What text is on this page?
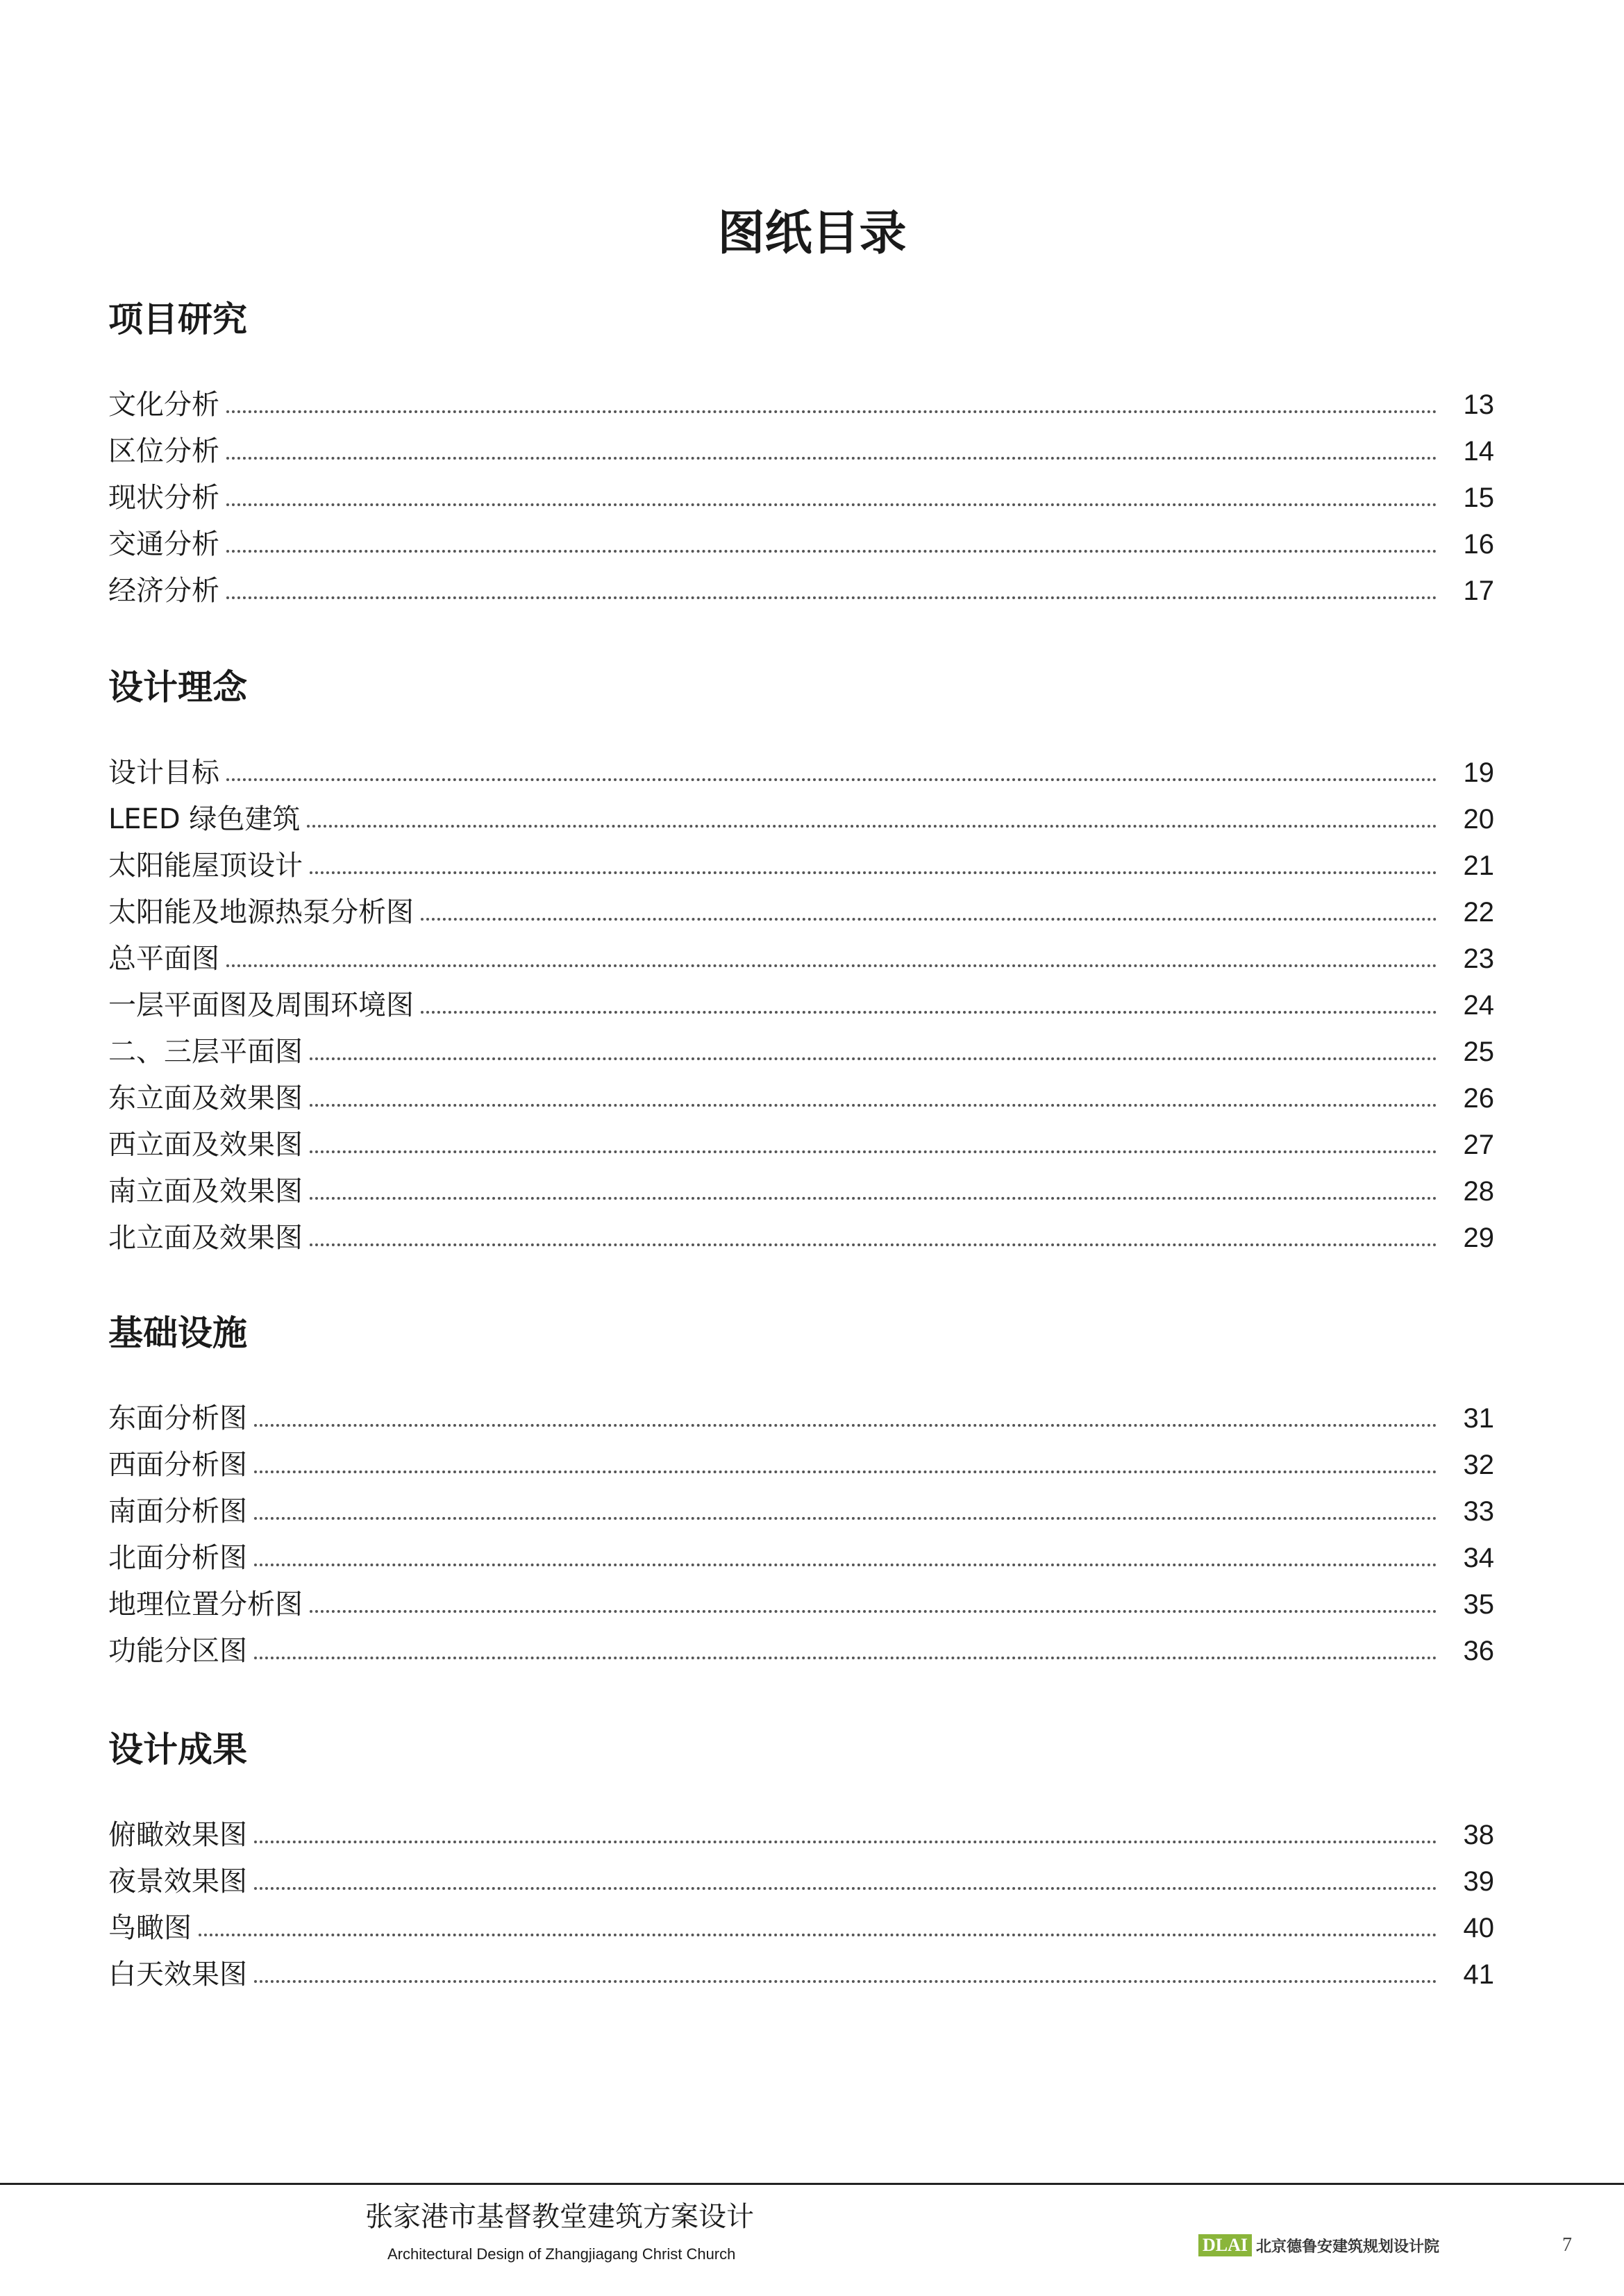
图纸目录
项目研究
文化分析	13
区位分析	14
现状分析	15
交通分析	16
经济分析	17
设计理念
设计目标	19
LEED 绿色建筑	20
太阳能屋顶设计	21
太阳能及地源热泵分析图	22
总平面图	23
一层平面图及周围环境图	24
二、三层平面图	25
东立面及效果图	26
西立面及效果图	27
南立面及效果图	28
北立面及效果图	29
基础设施
东面分析图	31
西面分析图	32
南面分析图	33
北面分析图	34
地理位置分析图	35
功能分区图	36
设计成果
俯瞰效果图	38
夜景效果图	39
鸟瞰图	40
白天效果图	41
张家港市基督教堂建筑方案设计
Architectural Design of Zhangjiagang Christ Church	DLAI 北京德鲁安建筑规划设计院	7
